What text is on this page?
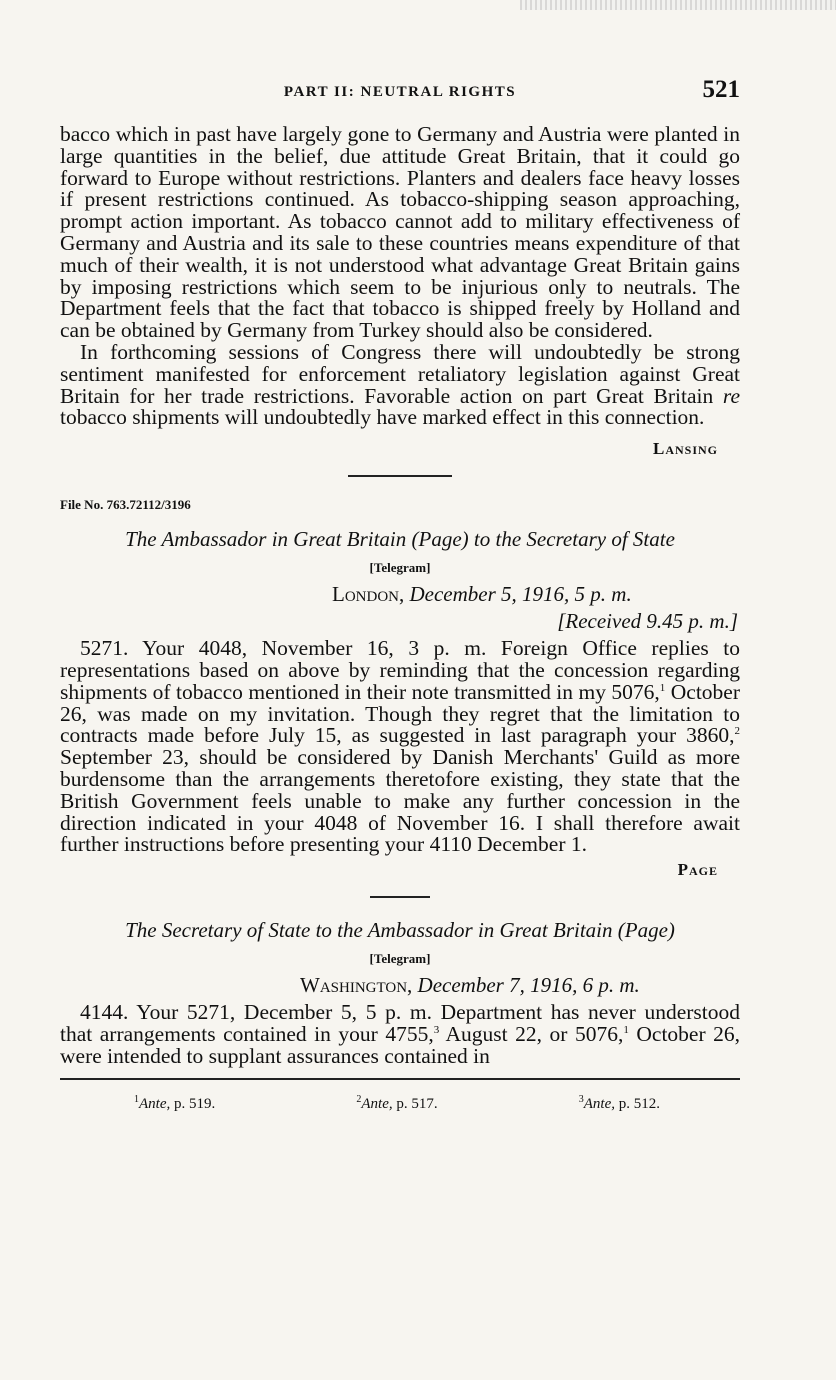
PART II: NEUTRAL RIGHTS	521

bacco which in past have largely gone to Germany and Austria were planted in large quantities in the belief, due attitude Great Britain, that it could go forward to Europe without restrictions. Planters and dealers face heavy losses if present restrictions continued. As tobacco-shipping season approaching, prompt action important. As tobacco cannot add to military effectiveness of Germany and Austria and its sale to these countries means expenditure of that much of their wealth, it is not understood what advantage Great Britain gains by imposing restrictions which seem to be injurious only to neutrals. The Department feels that the fact that tobacco is shipped freely by Holland and can be obtained by Germany from Turkey should also be considered.

In forthcoming sessions of Congress there will undoubtedly be strong sentiment manifested for enforcement retaliatory legislation against Great Britain for her trade restrictions. Favorable action on part Great Britain re tobacco shipments will undoubtedly have marked effect in this connection.

Lansing
File No. 763.72112/3196
The Ambassador in Great Britain (Page) to the Secretary of State
[Telegram]
London, December 5, 1916, 5 p. m.
[Received 9.45 p. m.]

5271. Your 4048, November 16, 3 p. m. Foreign Office replies to representations based on above by reminding that the concession regarding shipments of tobacco mentioned in their note transmitted in my 5076,$^1$ October 26, was made on my invitation. Though they regret that the limitation to contracts made before July 15, as suggested in last paragraph your 3860,$^2$ September 23, should be considered by Danish Merchants' Guild as more burdensome than the arrangements theretofore existing, they state that the British Government feels unable to make any further concession in the direction indicated in your 4048 of November 16. I shall therefore await further instructions before presenting your 4110 December 1.

Page
The Secretary of State to the Ambassador in Great Britain (Page)
[Telegram]
Washington, December 7, 1916, 6 p. m.

4144. Your 5271, December 5, 5 p. m. Department has never understood that arrangements contained in your 4755,$^3$ August 22, or 5076,$^1$ October 26, were intended to supplant assurances contained in

$^1$Ante, p. 519.	$^2$Ante, p. 517.	$^3$Ante, p. 512.
